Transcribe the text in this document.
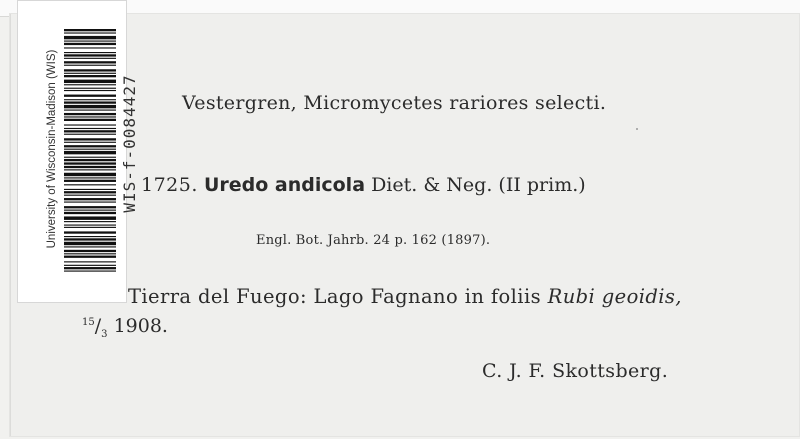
University of Wisconsin-Madison (WIS)	WIS-f-0084427 Vestergren, Micromycetes rariores selecti.
1725. Uredo andicola Diet. & Neg. (II prim.)
Engl. Bot. Jahrb. 24 p. 162 (1897).
Tierra del Fuego: Lago Fagnano in foliis Rubi geoidis,
$^{15}/_3$ 1908.
C. J. F. Skottsberg.
